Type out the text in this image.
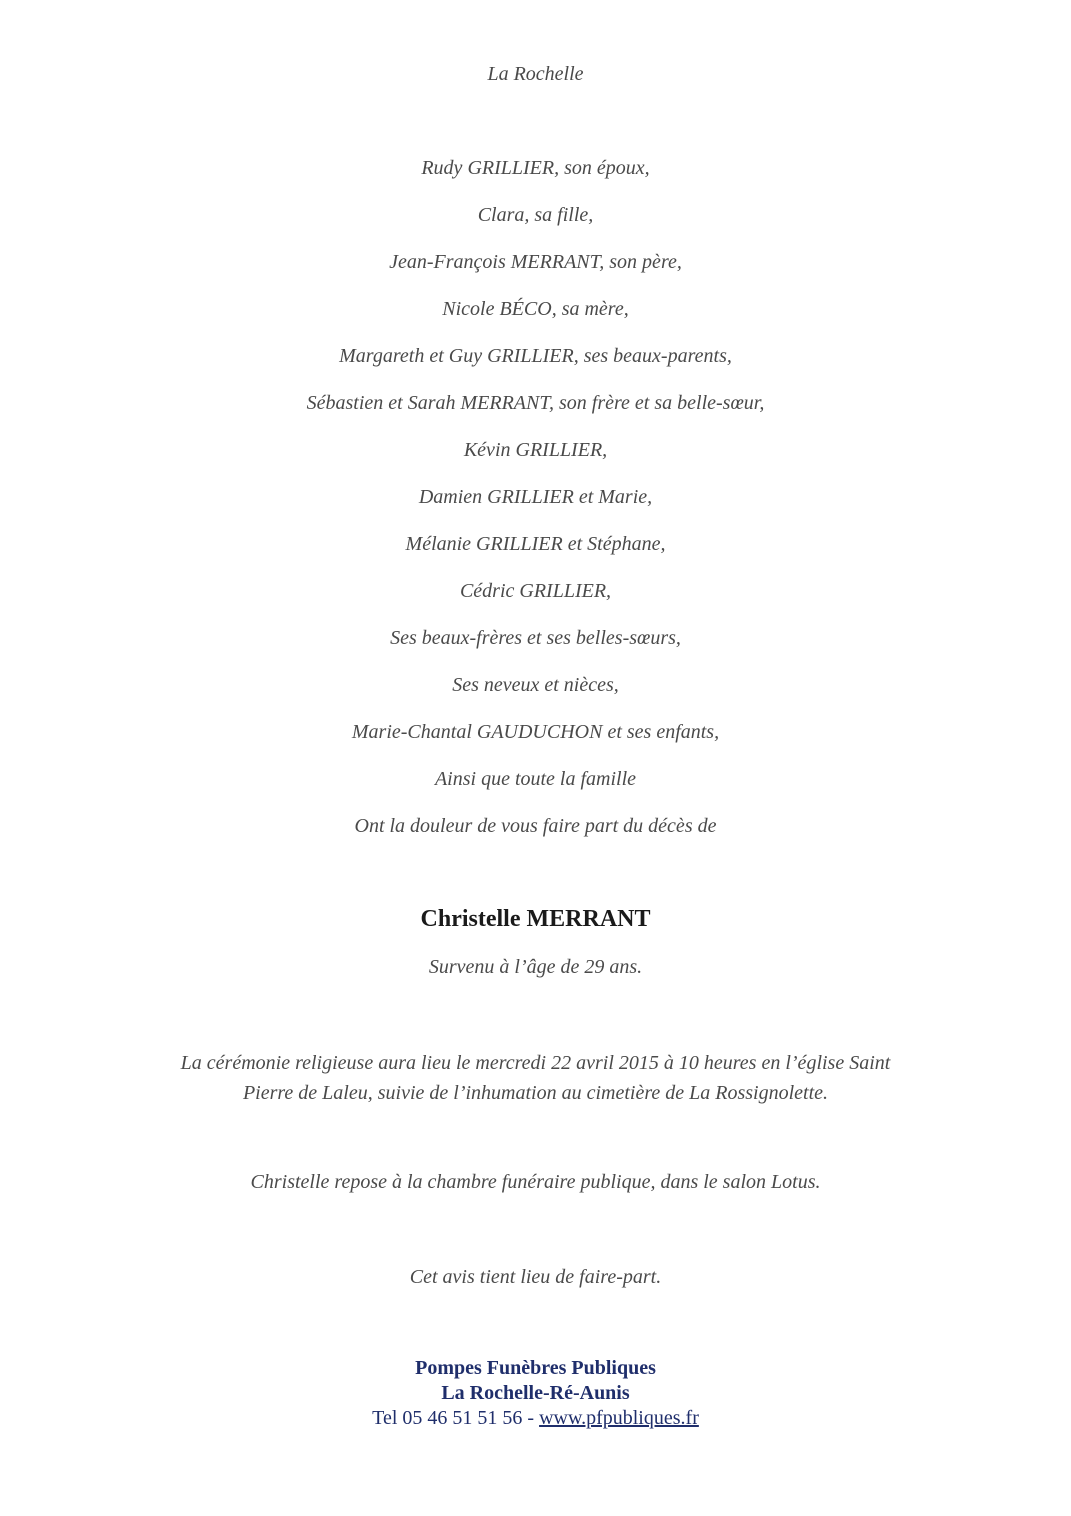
La Rochelle
Rudy GRILLIER, son époux,
Clara, sa fille,
Jean-François MERRANT, son père,
Nicole BÉCO, sa mère,
Margareth et Guy GRILLIER, ses beaux-parents,
Sébastien et Sarah MERRANT, son frère et sa belle-sœur,
Kévin GRILLIER,
Damien GRILLIER et Marie,
Mélanie GRILLIER et Stéphane,
Cédric GRILLIER,
Ses beaux-frères et ses belles-sœurs,
Ses neveux et nièces,
Marie-Chantal GAUDUCHON et ses enfants,
Ainsi que toute la famille
Ont la douleur de vous faire part du décès de
Christelle MERRANT
Survenu à l’âge de 29 ans.
La cérémonie religieuse aura lieu le mercredi 22 avril 2015 à 10 heures en l’église Saint
Pierre de Laleu, suivie de l’inhumation au cimetière de La Rossignolette.
Christelle repose à la chambre funéraire publique, dans le salon Lotus.
Cet avis tient lieu de faire-part.
Pompes Funèbres Publiques
La Rochelle-Ré-Aunis
Tel 05 46 51 51 56 - www.pfpubliques.fr
